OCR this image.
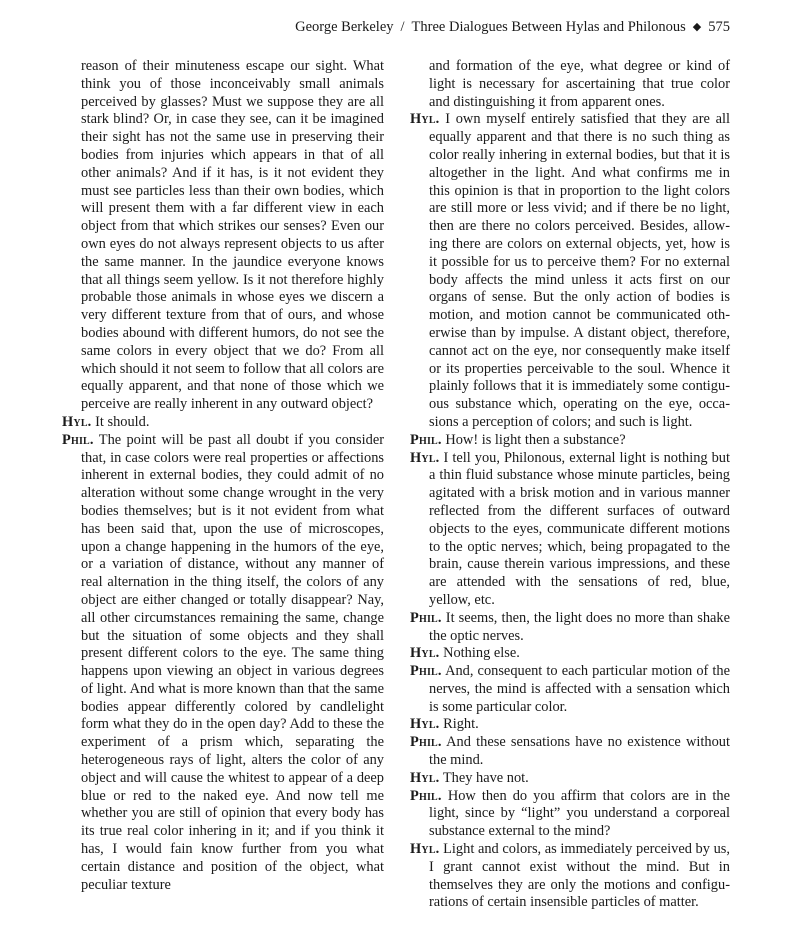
George Berkeley / Three Dialogues Between Hylas and Philonous ◆ 575

reason of their minuteness escape our sight. What think you of those inconceivably small animals perceived by glasses? Must we suppose they are all stark blind? Or, in case they see, can it be imagined their sight has not the same use in preserving their bodies from injuries which appears in that of all other animals? And if it has, is it not evident they must see particles less than their own bodies, which will present them with a far different view in each object from that which strikes our senses? Even our own eyes do not always represent objects to us after the same manner. In the jaundice everyone knows that all things seem yellow. Is it not therefore highly probable those animals in whose eyes we discern a very different texture from that of ours, and whose bodies abound with different humors, do not see the same colors in every object that we do? From all which should it not seem to follow that all colors are equally apparent, and that none of those which we perceive are really inherent in any outward object?

Hyl. It should.

Phil. The point will be past all doubt if you consider that, in case colors were real properties or affections inherent in external bodies, they could admit of no alteration without some change wrought in the very bodies themselves; but is it not evident from what has been said that, upon the use of microscopes, upon a change happening in the humors of the eye, or a variation of distance, without any manner of real alternation in the thing itself, the colors of any object are either changed or totally disappear? Nay, all other circumstances remaining the same, change but the situation of some objects and they shall present different colors to the eye. The same thing happens upon viewing an object in various degrees of light. And what is more known than that the same bodies appear differently colored by candlelight form what they do in the open day? Add to these the experiment of a prism which, separating the heterogeneous rays of light, alters the color of any object and will cause the whitest to appear of a deep blue or red to the naked eye. And now tell me whether you are still of opinion that every body has its true real color inhering in it; and if you think it has, I would fain know further from you what certain distance and position of the object, what peculiar texture

and formation of the eye, what degree or kind of light is necessary for ascertaining that true color and distinguishing it from apparent ones.

Hyl. I own myself entirely satisfied that they are all equally apparent and that there is no such thing as color really inhering in external bodies, but that it is altogether in the light. And what confirms me in this opinion is that in proportion to the light colors are still more or less vivid; and if there be no light, then are there no colors perceived. Besides, allowing there are colors on external objects, yet, how is it possible for us to perceive them? For no external body affects the mind unless it acts first on our organs of sense. But the only action of bodies is motion, and motion cannot be communicated otherwise than by impulse. A distant object, therefore, cannot act on the eye, nor consequently make itself or its properties perceivable to the soul. Whence it plainly follows that it is immediately some contiguous substance which, operating on the eye, occasions a perception of colors; and such is light.

Phil. How! is light then a substance?

Hyl. I tell you, Philonous, external light is nothing but a thin fluid substance whose minute particles, being agitated with a brisk motion and in various manner reflected from the different surfaces of outward objects to the eyes, communicate different motions to the optic nerves; which, being propagated to the brain, cause therein various impressions, and these are attended with the sensations of red, blue, yellow, etc.

Phil. It seems, then, the light does no more than shake the optic nerves.

Hyl. Nothing else.

Phil. And, consequent to each particular motion of the nerves, the mind is affected with a sensation which is some particular color.

Hyl. Right.

Phil. And these sensations have no existence without the mind.

Hyl. They have not.

Phil. How then do you affirm that colors are in the light, since by “light” you understand a corporeal substance external to the mind?

Hyl. Light and colors, as immediately perceived by us, I grant cannot exist without the mind. But in themselves they are only the motions and configurations of certain insensible particles of matter.
